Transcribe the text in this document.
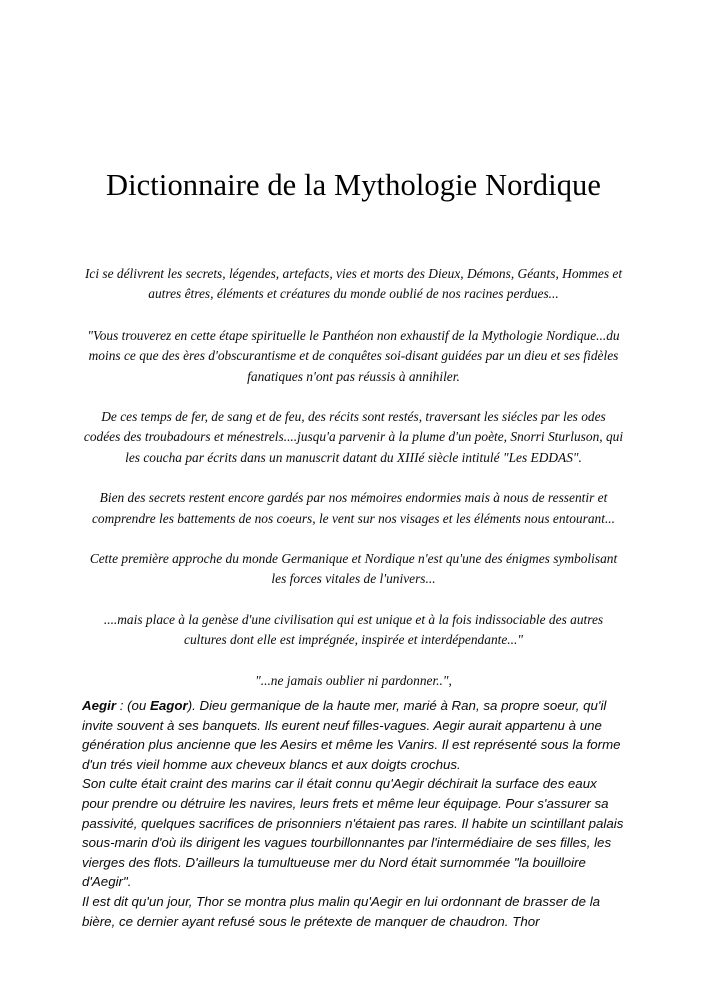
Dictionnaire de la Mythologie Nordique

Ici se délivrent les secrets, légendes, artefacts, vies et morts des Dieux, Démons, Géants, Hommes et autres êtres, éléments et créatures du monde oublié de nos racines perdues...

"Vous trouverez en cette étape spirituelle le Panthéon non exhaustif de la Mythologie Nordique...du moins ce que des ères d'obscurantisme et de conquêtes soi-disant guidées par un dieu et ses fidèles fanatiques n'ont pas réussis à annihiler.

De ces temps de fer, de sang et de feu, des récits sont restés, traversant les siécles par les odes codées des troubadours et ménestrels....jusqu'a parvenir à la plume d'un poète, Snorri Sturluson, qui les coucha par écrits dans un manuscrit datant du XIIIé siècle intitulé "Les EDDAS".

Bien des secrets restent encore gardés par nos mémoires endormies mais à nous de ressentir et comprendre les battements de nos coeurs, le vent sur nos visages et les éléments nous entourant...

Cette première approche du monde Germanique et Nordique n'est qu'une des énigmes symbolisant les forces vitales de l'univers...

....mais place à la genèse d'une civilisation qui est unique et à la fois indissociable des autres cultures dont elle est imprégnée, inspirée et interdépendante..."

"...ne jamais oublier ni pardonner..",

Aegir : (ou Eagor). Dieu germanique de la haute mer, marié à Ran, sa propre soeur, qu'il invite souvent à ses banquets. Ils eurent neuf filles-vagues. Aegir aurait appartenu à une génération plus ancienne que les Aesirs et même les Vanirs. Il est représenté sous la forme d'un trés vieil homme aux cheveux blancs et aux doigts crochus.

Son culte était craint des marins car il était connu qu'Aegir déchirait la surface des eaux pour prendre ou détruire les navires, leurs frets et même leur équipage. Pour s'assurer sa passivité, quelques sacrifices de prisonniers n'étaient pas rares. Il habite un scintillant palais sous-marin d'où ils dirigent les vagues tourbillonnantes par l'intermédiaire de ses filles, les vierges des flots. D'ailleurs la tumultueuse mer du Nord était surnommée "la bouilloire d'Aegir".

Il est dit qu'un jour, Thor se montra plus malin qu'Aegir en lui ordonnant de brasser de la bière, ce dernier ayant refusé sous le prétexte de manquer de chaudron. Thor
